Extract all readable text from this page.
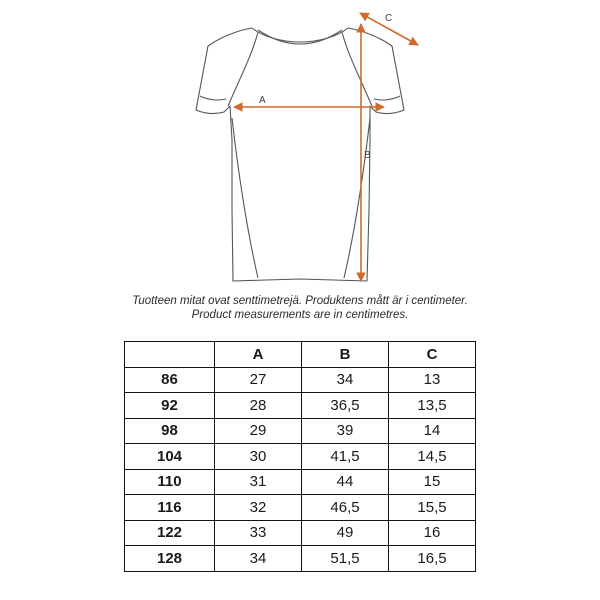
A
B
C
Tuotteen mitat ovat senttimetrejä. Produktens mått är i centimeter.
Product measurements are in centimetres.
	A	B	C
86	27	34	13
92	28	36,5	13,5
98	29	39	14
104	30	41,5	14,5
110	31	44	15
116	32	46,5	15,5
122	33	49	16
128	34	51,5	16,5
